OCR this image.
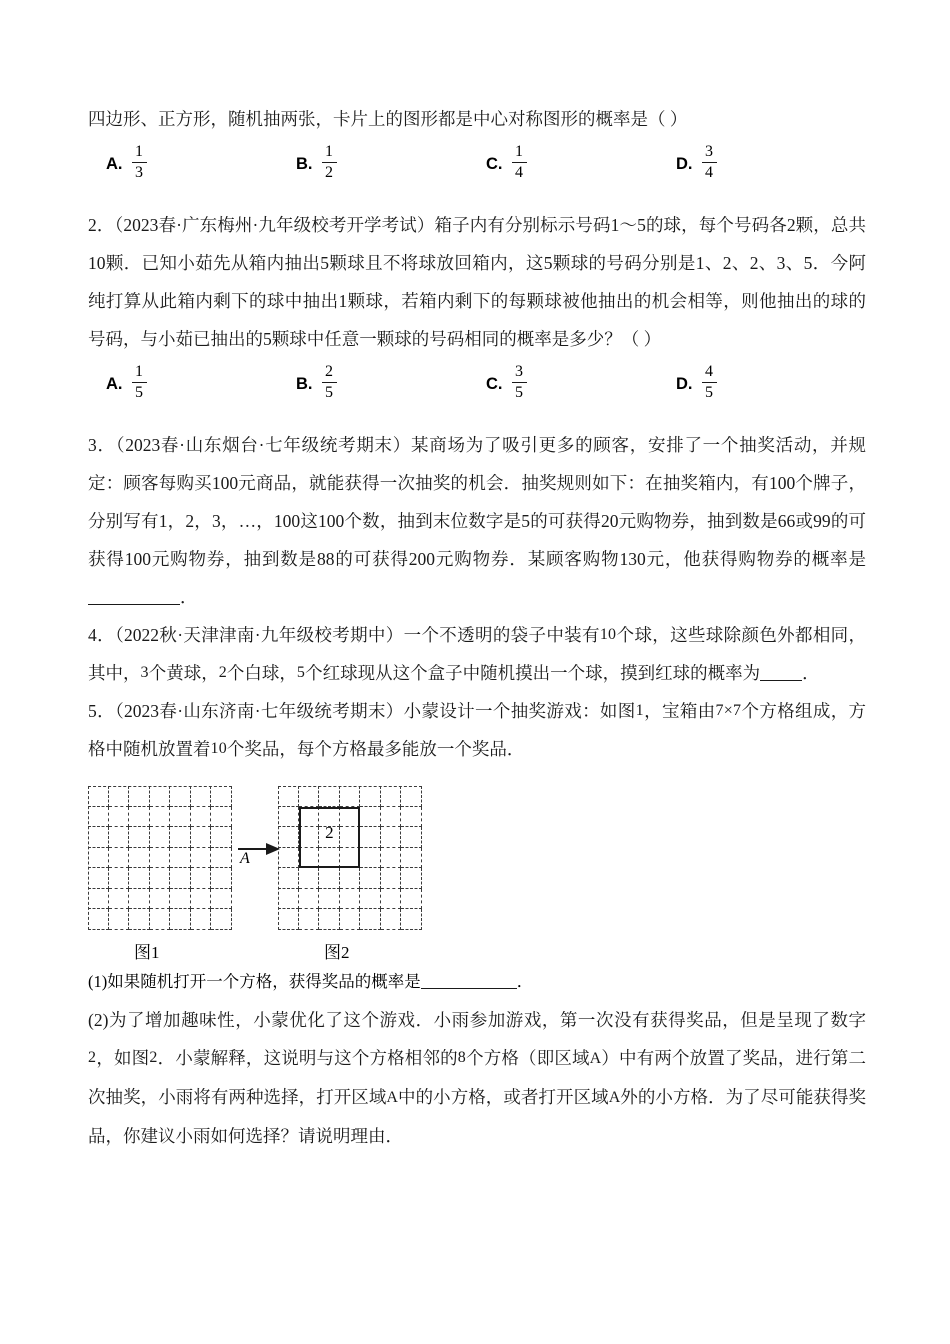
四边形、正方形，随机抽两张，卡片上的图形都是中心对称图形的概率是（ ）

A. $\frac{1}{3}$	B. $\frac{1}{2}$	C. $\frac{1}{4}$	D. $\frac{3}{4}$

2．（2023春·广东梅州·九年级校考开学考试）箱子内有分别标示号码1～5的球，每个号码各2颗，总共10颗．已知小茹先从箱内抽出5颗球且不将球放回箱内，这5颗球的号码分别是1、2、2、3、5．今阿纯打算从此箱内剩下的球中抽出1颗球，若箱内剩下的每颗球被他抽出的机会相等，则他抽出的球的号码，与小茹已抽出的5颗球中任意一颗球的号码相同的概率是多少？（ ）

A. $\frac{1}{5}$	B. $\frac{2}{5}$	C. $\frac{3}{5}$	D. $\frac{4}{5}$

3．（2023春·山东烟台·七年级统考期末）某商场为了吸引更多的顾客，安排了一个抽奖活动，并规定：顾客每购买100元商品，就能获得一次抽奖的机会．抽奖规则如下：在抽奖箱内，有100个牌子，分别写有1，2，3，…，100这100个数，抽到末位数字是5的可获得20元购物券，抽到数是66或99的可获得100元购物券，抽到数是88的可获得200元购物券．某顾客购物130元，他获得购物券的概率是．

4．（2022秋·天津津南·九年级校考期中）一个不透明的袋子中装有10个球，这些球除颜色外都相同，其中，3个黄球，2个白球，5个红球现从这个盒子中随机摸出一个球，摸到红球的概率为 ．

5．（2023春·山东济南·七年级统考期末）小蒙设计一个抽奖游戏：如图1，宝箱由7×7个方格组成，方格中随机放置着10个奖品，每个方格最多能放一个奖品．

2
A
图1	图2

(1)如果随机打开一个方格，获得奖品的概率是	．

(2)为了增加趣味性，小蒙优化了这个游戏．小雨参加游戏，第一次没有获得奖品，但是呈现了数字2，如图2．小蒙解释，这说明与这个方格相邻的8个方格（即区域A）中有两个放置了奖品，进行第二次抽奖，小雨将有两种选择，打开区域A中的小方格，或者打开区域A外的小方格．为了尽可能获得奖品，你建议小雨如何选择？请说明理由．
